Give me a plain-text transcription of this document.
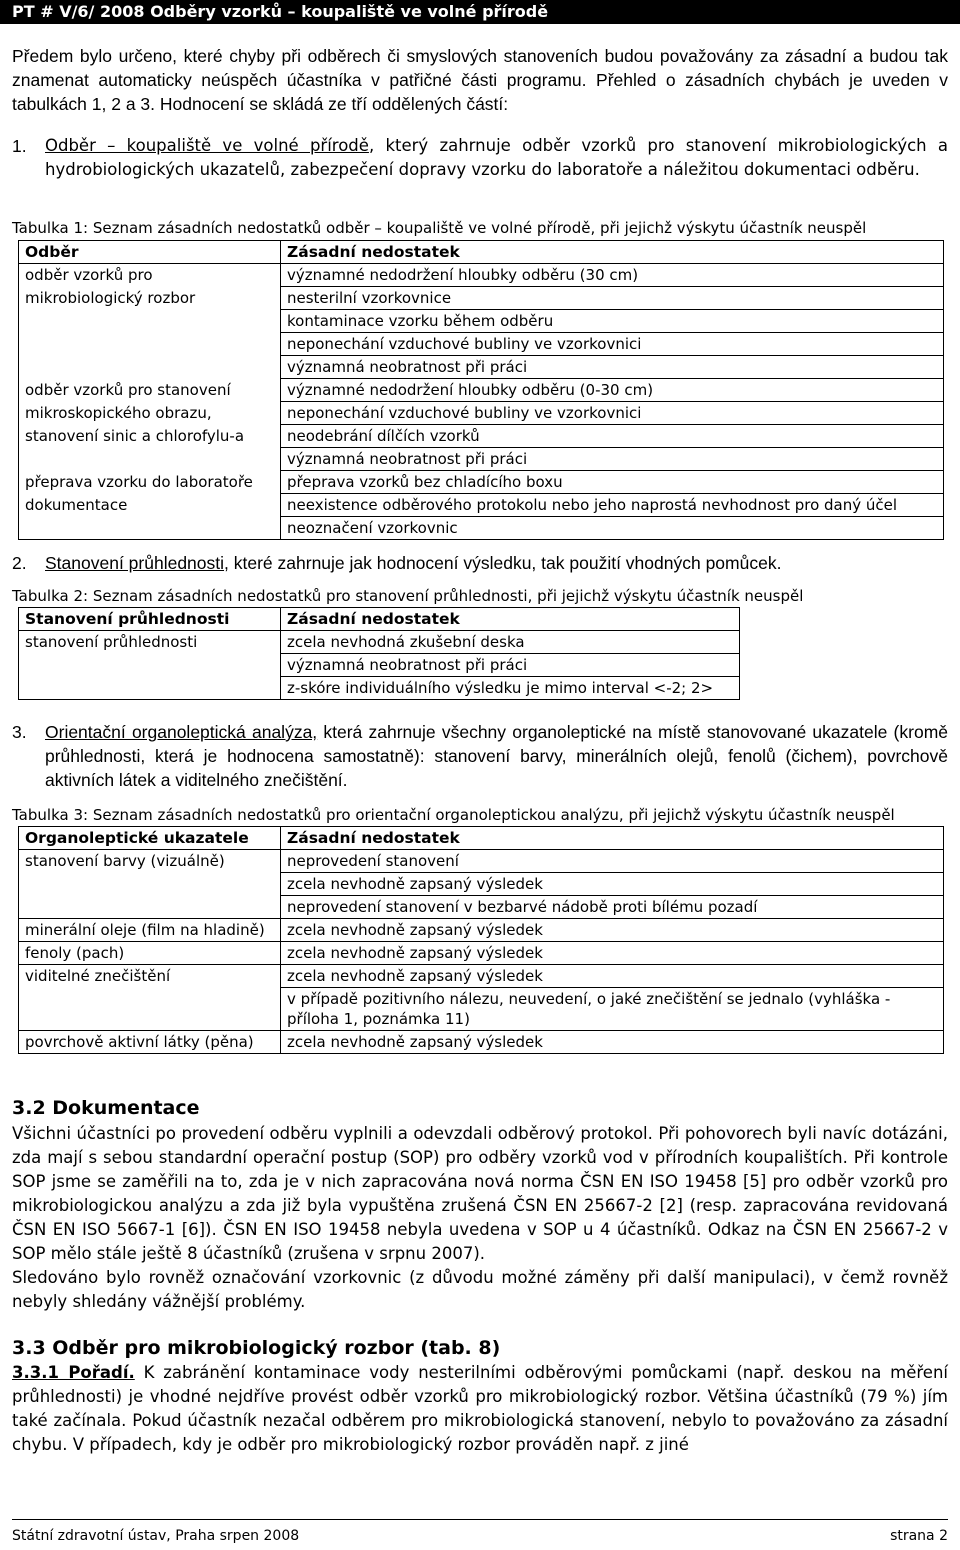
PT # V/6/ 2008 Odběry vzorků – koupaliště ve volné přírodě

Předem bylo určeno, které chyby při odběrech či smyslových stanoveních budou považovány za zásadní a budou tak znamenat automaticky neúspěch účastníka v patřičné části programu. Přehled o zásadních chybách je uveden v tabulkách 1, 2 a 3. Hodnocení se skládá ze tří oddělených částí:

1. Odběr – koupaliště ve volné přírodě, který zahrnuje odběr vzorků pro stanovení mikrobiologických a hydrobiologických ukazatelů, zabezpečení dopravy vzorku do laboratoře a náležitou dokumentaci odběru.

Tabulka 1: Seznam zásadních nedostatků odběr – koupaliště ve volné přírodě, při jejichž výskytu účastník neuspěl

Odběr	Zásadní nedostatek
odběr vzorků pro	významné nedodržení hloubky odběru (30 cm)
mikrobiologický rozbor	nesterilní vzorkovnice
	kontaminace vzorku během odběru
	neponechání vzduchové bubliny ve vzorkovnici
	významná neobratnost při práci
odběr vzorků pro stanovení	významné nedodržení hloubky odběru (0-30 cm)
mikroskopického obrazu,	neponechání vzduchové bubliny ve vzorkovnici
stanovení sinic a chlorofylu-a	neodebrání dílčích vzorků
	významná neobratnost při práci
přeprava vzorku do laboratoře	přeprava vzorků bez chladícího boxu
dokumentace	neexistence odběrového protokolu nebo jeho naprostá nevhodnost pro daný účel
	neoznačení vzorkovnic
2. Stanovení průhlednosti, které zahrnuje jak hodnocení výsledku, tak použití vhodných pomůcek.

Tabulka 2: Seznam zásadních nedostatků pro stanovení průhlednosti, při jejichž výskytu účastník neuspěl

Stanovení průhlednosti	Zásadní nedostatek
stanovení průhlednosti	zcela nevhodná zkušební deska
	významná neobratnost při práci
	z-skóre individuálního výsledku je mimo interval <-2; 2>
3. Orientační organoleptická analýza, která zahrnuje všechny organoleptické na místě stanovované ukazatele (kromě průhlednosti, která je hodnocena samostatně): stanovení barvy, minerálních olejů, fenolů (čichem), povrchově aktivních látek a viditelného znečištění.

Tabulka 3: Seznam zásadních nedostatků pro orientační organoleptickou analýzu, při jejichž výskytu účastník neuspěl

Organoleptické ukazatele	Zásadní nedostatek
stanovení barvy (vizuálně)	neprovedení stanovení
	zcela nevhodně zapsaný výsledek
	neprovedení stanovení v bezbarvé nádobě proti bílému pozadí
minerální oleje (film na hladině)	zcela nevhodně zapsaný výsledek
fenoly (pach)	zcela nevhodně zapsaný výsledek
viditelné znečištění	zcela nevhodně zapsaný výsledek
	v případě pozitivního nálezu, neuvedení, o jaké znečištění se jednalo (vyhláška - příloha 1, poznámka 11)
povrchově aktivní látky (pěna)	zcela nevhodně zapsaný výsledek

3.2 Dokumentace

Všichni účastníci po provedení odběru vyplnili a odevzdali odběrový protokol. Při pohovorech byli navíc dotázáni, zda mají s sebou standardní operační postup (SOP) pro odběry vzorků vod v přírodních koupalištích. Při kontrole SOP jsme se zaměřili na to, zda je v nich zapracována nová norma ČSN EN ISO 19458 [5] pro odběr vzorků pro mikrobiologickou analýzu a zda již byla vypuštěna zrušená ČSN EN 25667-2 [2] (resp. zapracována revidovaná ČSN EN ISO 5667-1 [6]). ČSN EN ISO 19458 nebyla uvedena v SOP u 4 účastníků. Odkaz na ČSN EN 25667-2 v SOP mělo stále ještě 8 účastníků (zrušena v srpnu 2007).

Sledováno bylo rovněž označování vzorkovnic (z důvodu možné záměny při další manipulaci), v čemž rovněž nebyly shledány vážnější problémy.

3.3 Odběr pro mikrobiologický rozbor (tab. 8)

3.3.1 Pořadí. K zabránění kontaminace vody nesterilními odběrovými pomůckami (např. deskou na měření průhlednosti) je vhodné nejdříve provést odběr vzorků pro mikrobiologický rozbor. Většina účastníků (79 %) jím také začínala. Pokud účastník nezačal odběrem pro mikrobiologická stanovení, nebylo to považováno za zásadní chybu. V případech, kdy je odběr pro mikrobiologický rozbor prováděn např. z jiné

Státní zdravotní ústav, Praha srpen 2008	strana 2
